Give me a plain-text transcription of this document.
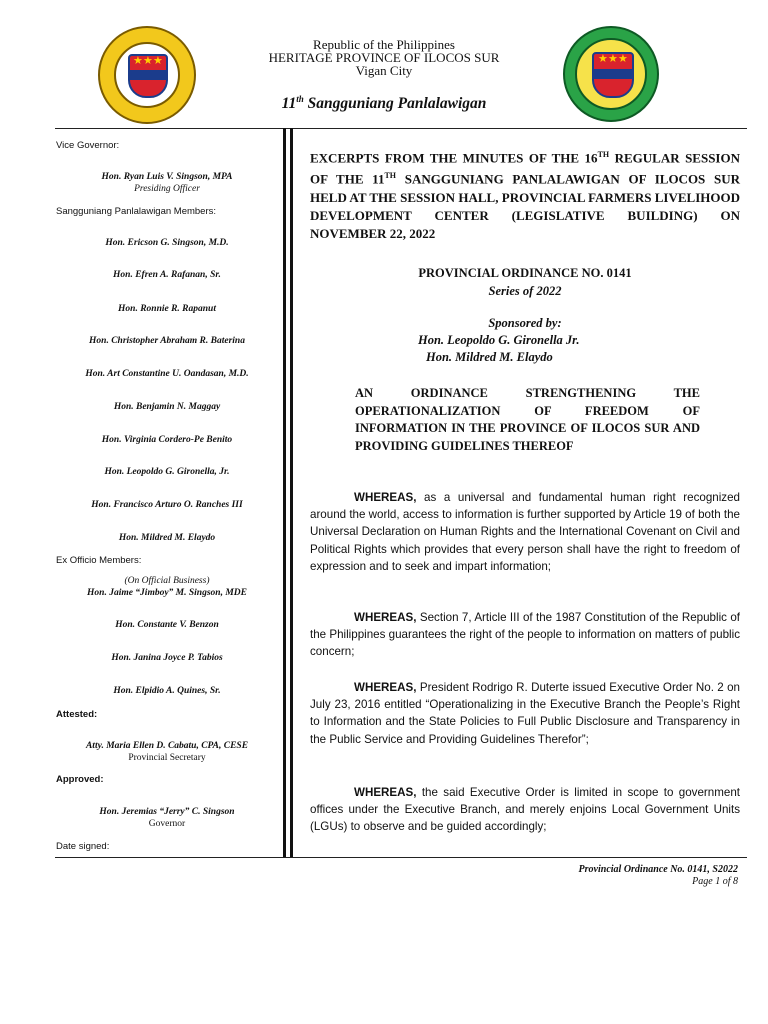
★ ★ ★
Republic of the Philippines
HERITAGE PROVINCE OF ILOCOS SUR
Vigan City
11th Sangguniang Panlalawigan
★ ★ ★
Vice Governor:
Hon. Ryan Luis V. Singson, MPA
Presiding Officer
Sangguniang Panlalawigan Members:
Hon. Ericson G. Singson, M.D.
Hon. Efren A. Rafanan, Sr.
Hon. Ronnie R. Rapanut
Hon. Christopher Abraham R. Baterina
Hon. Art Constantine U. Oandasan, M.D.
Hon. Benjamin N. Maggay
Hon. Virginia Cordero-Pe Benito
Hon. Leopoldo G. Gironella, Jr.
Hon. Francisco Arturo O. Ranches III
Hon. Mildred M. Elaydo
Ex Officio Members:
(On Official Business)
Hon. Jaime “Jimboy” M. Singson, MDE
Hon. Constante V. Benzon
Hon. Janina Joyce P. Tabios
Hon. Elpidio A. Quines, Sr.
Attested:
Atty. Maria Ellen D. Cabatu, CPA, CESE
Provincial Secretary
Approved:
Hon. Jeremias “Jerry” C. Singson
Governor
Date signed:
EXCERPTS FROM THE MINUTES OF THE 16TH REGULAR SESSION OF THE 11TH SANGGUNIANG PANLALAWIGAN OF ILOCOS SUR HELD AT THE SESSION HALL, PROVINCIAL FARMERS LIVELIHOOD DEVELOPMENT CENTER (LEGISLATIVE BUILDING) ON NOVEMBER 22, 2022
PROVINCIAL ORDINANCE NO. 0141
Series of 2022
Sponsored by:
Hon. Leopoldo G. Gironella Jr.
Hon. Mildred M. Elaydo
AN ORDINANCE STRENGTHENING THE OPERATIONALIZATION OF FREEDOM OF INFORMATION IN THE PROVINCE OF ILOCOS SUR AND PROVIDING GUIDELINES THEREOF
WHEREAS, as a universal and fundamental human right recognized around the world, access to information is further supported by Article 19 of both the Universal Declaration on Human Rights and the International Covenant on Civil and Political Rights which provides that every person shall have the right to freedom of expression and to seek and impart information;
WHEREAS, Section 7, Article III of the 1987 Constitution of the Republic of the Philippines guarantees the right of the people to information on matters of public concern;
WHEREAS, President Rodrigo R. Duterte issued Executive Order No. 2 on July 23, 2016 entitled “Operationalizing in the Executive Branch the People’s Right to Information and the State Policies to Full Public Disclosure and Transparency in the Public Service and Providing Guidelines Therefor”;
WHEREAS, the said Executive Order is limited in scope to government offices under the Executive Branch, and merely enjoins Local Government Units (LGUs) to observe and be guided accordingly;
Provincial Ordinance No. 0141, S2022
Page 1 of 8
